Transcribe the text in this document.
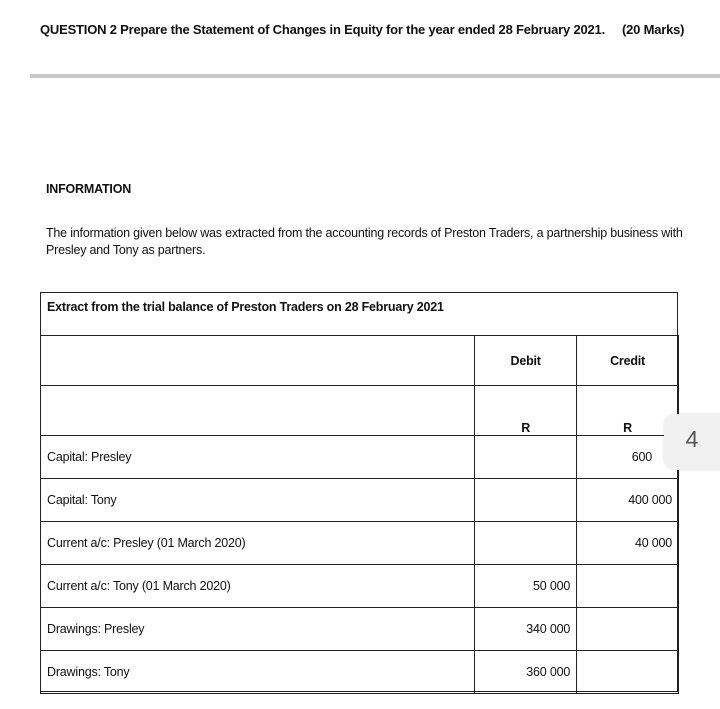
QUESTION 2 Prepare the Statement of Changes in Equity for the year ended 28 February 2021. (20 Marks)
INFORMATION
The information given below was extracted from the accounting records of Preston Traders, a partnership business with Presley and Tony as partners.
Extract from the trial balance of Preston Traders on 28 February 2021
	Debit	Credit
	R	R
Capital: Presley		600
Capital: Tony		400 000
Current a/c: Presley (01 March 2020)		40 000
Current a/c: Tony (01 March 2020)	50 000	
Drawings: Presley	340 000	
Drawings: Tony	360 000	
4
